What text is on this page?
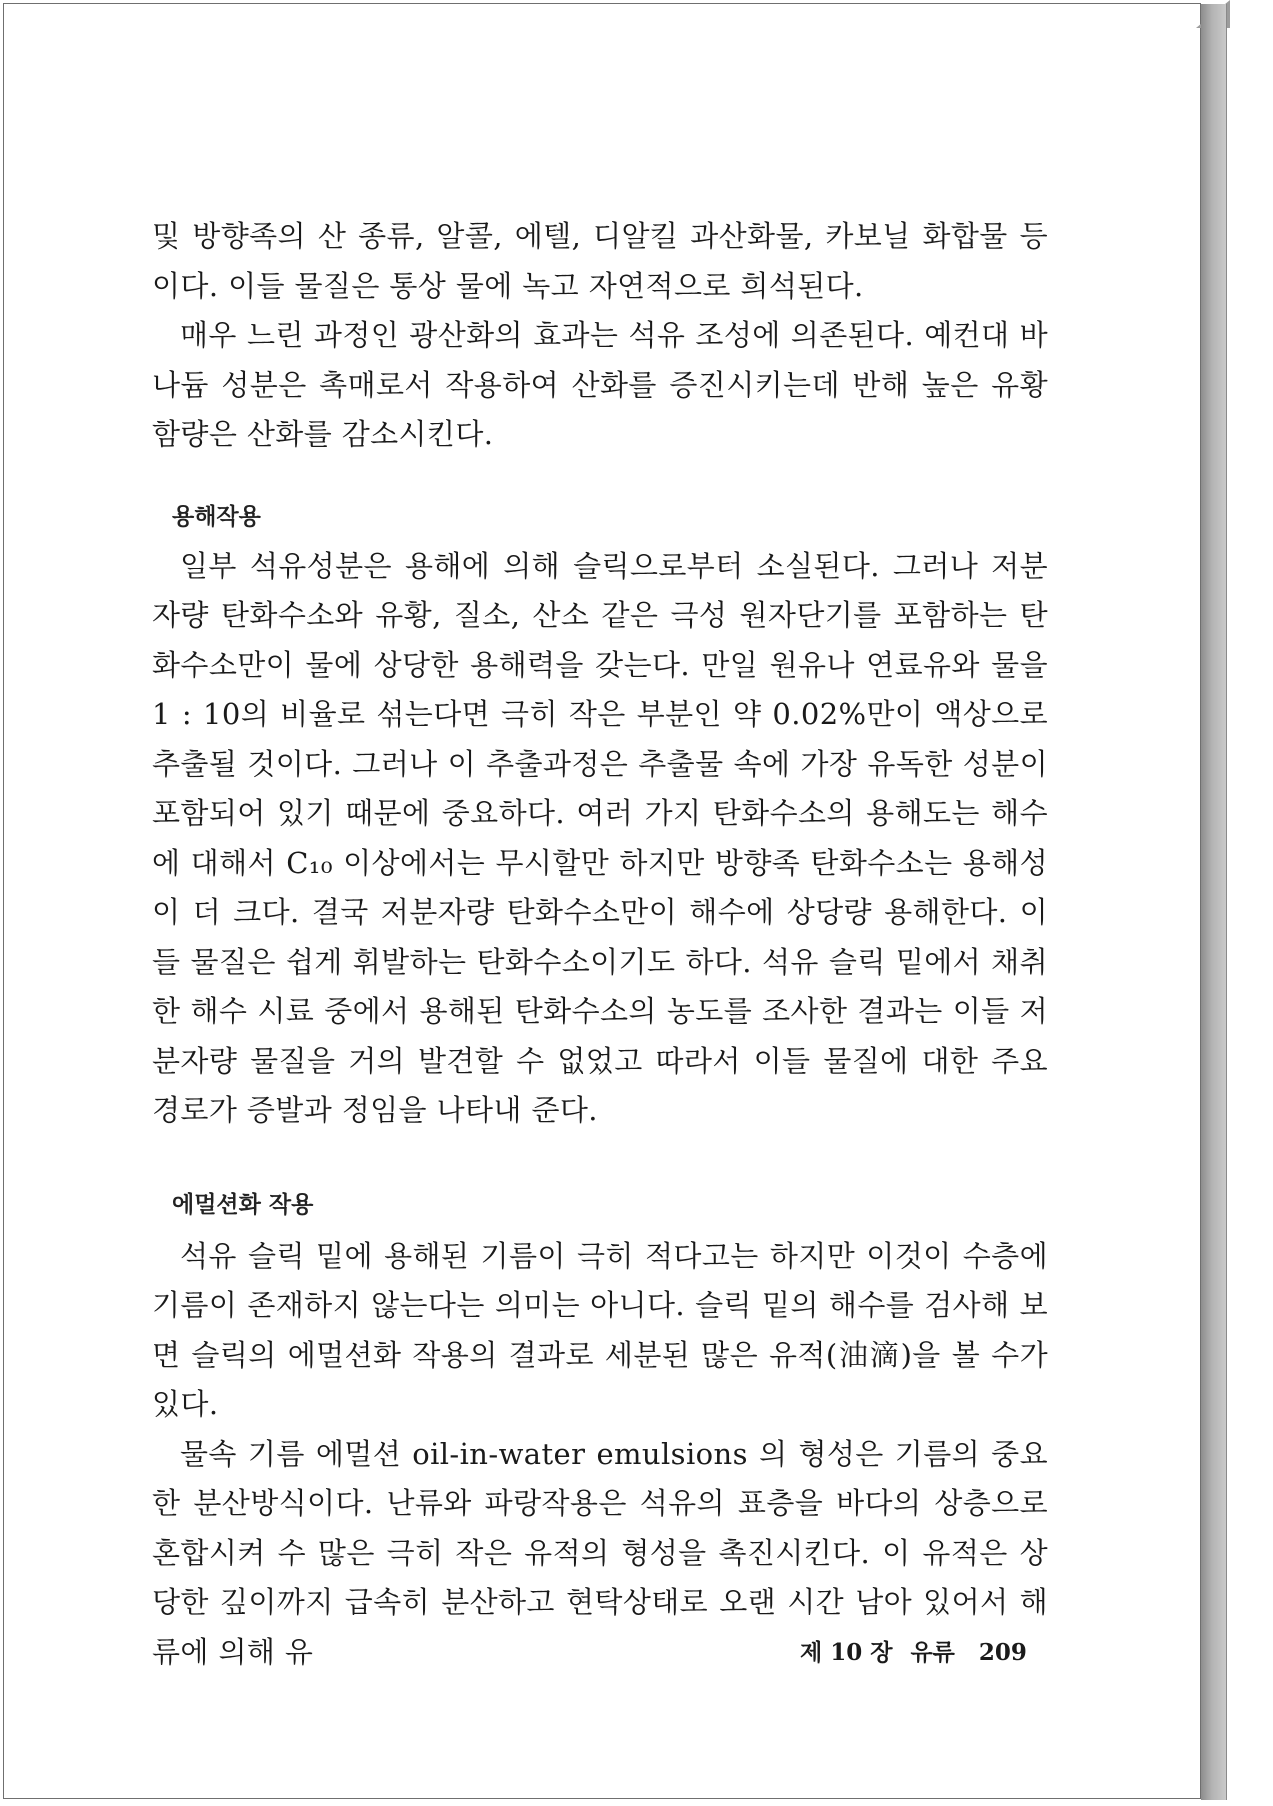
및 방향족의 산 종류, 알콜, 에텔, 디알킬 과산화물, 카보닐 화합물 등이다. 이들 물질은 통상 물에 녹고 자연적으로 희석된다.

매우 느린 과정인 광산화의 효과는 석유 조성에 의존된다. 예컨대 바나듐 성분은 촉매로서 작용하여 산화를 증진시키는데 반해 높은 유황 함량은 산화를 감소시킨다.

용해작용

일부 석유성분은 용해에 의해 슬릭으로부터 소실된다. 그러나 저분자량 탄화수소와 유황, 질소, 산소 같은 극성 원자단기를 포함하는 탄화수소만이 물에 상당한 용해력을 갖는다. 만일 원유나 연료유와 물을 1 : 10의 비율로 섞는다면 극히 작은 부분인 약 0.02%만이 액상으로 추출될 것이다. 그러나 이 추출과정은 추출물 속에 가장 유독한 성분이 포함되어 있기 때문에 중요하다. 여러 가지 탄화수소의 용해도는 해수에 대해서 C₁₀ 이상에서는 무시할만 하지만 방향족 탄화수소는 용해성이 더 크다. 결국 저분자량 탄화수소만이 해수에 상당량 용해한다. 이들 물질은 쉽게 휘발하는 탄화수소이기도 하다. 석유 슬릭 밑에서 채취한 해수 시료 중에서 용해된 탄화수소의 농도를 조사한 결과는 이들 저분자량 물질을 거의 발견할 수 없었고 따라서 이들 물질에 대한 주요 경로가 증발과 정임을 나타내 준다.

에멀션화 작용

석유 슬릭 밑에 용해된 기름이 극히 적다고는 하지만 이것이 수층에 기름이 존재하지 않는다는 의미는 아니다. 슬릭 밑의 해수를 검사해 보면 슬릭의 에멀션화 작용의 결과로 세분된 많은 유적(油滴)을 볼 수가 있다.

물속 기름 에멀션 oil-in-water emulsions 의 형성은 기름의 중요한 분산방식이다. 난류와 파랑작용은 석유의 표층을 바다의 상층으로 혼합시켜 수 많은 극히 작은 유적의 형성을 촉진시킨다. 이 유적은 상당한 깊이까지 급속히 분산하고 현탁상태로 오랜 시간 남아 있어서 해류에 의해 유	제 10 장 유류 209
